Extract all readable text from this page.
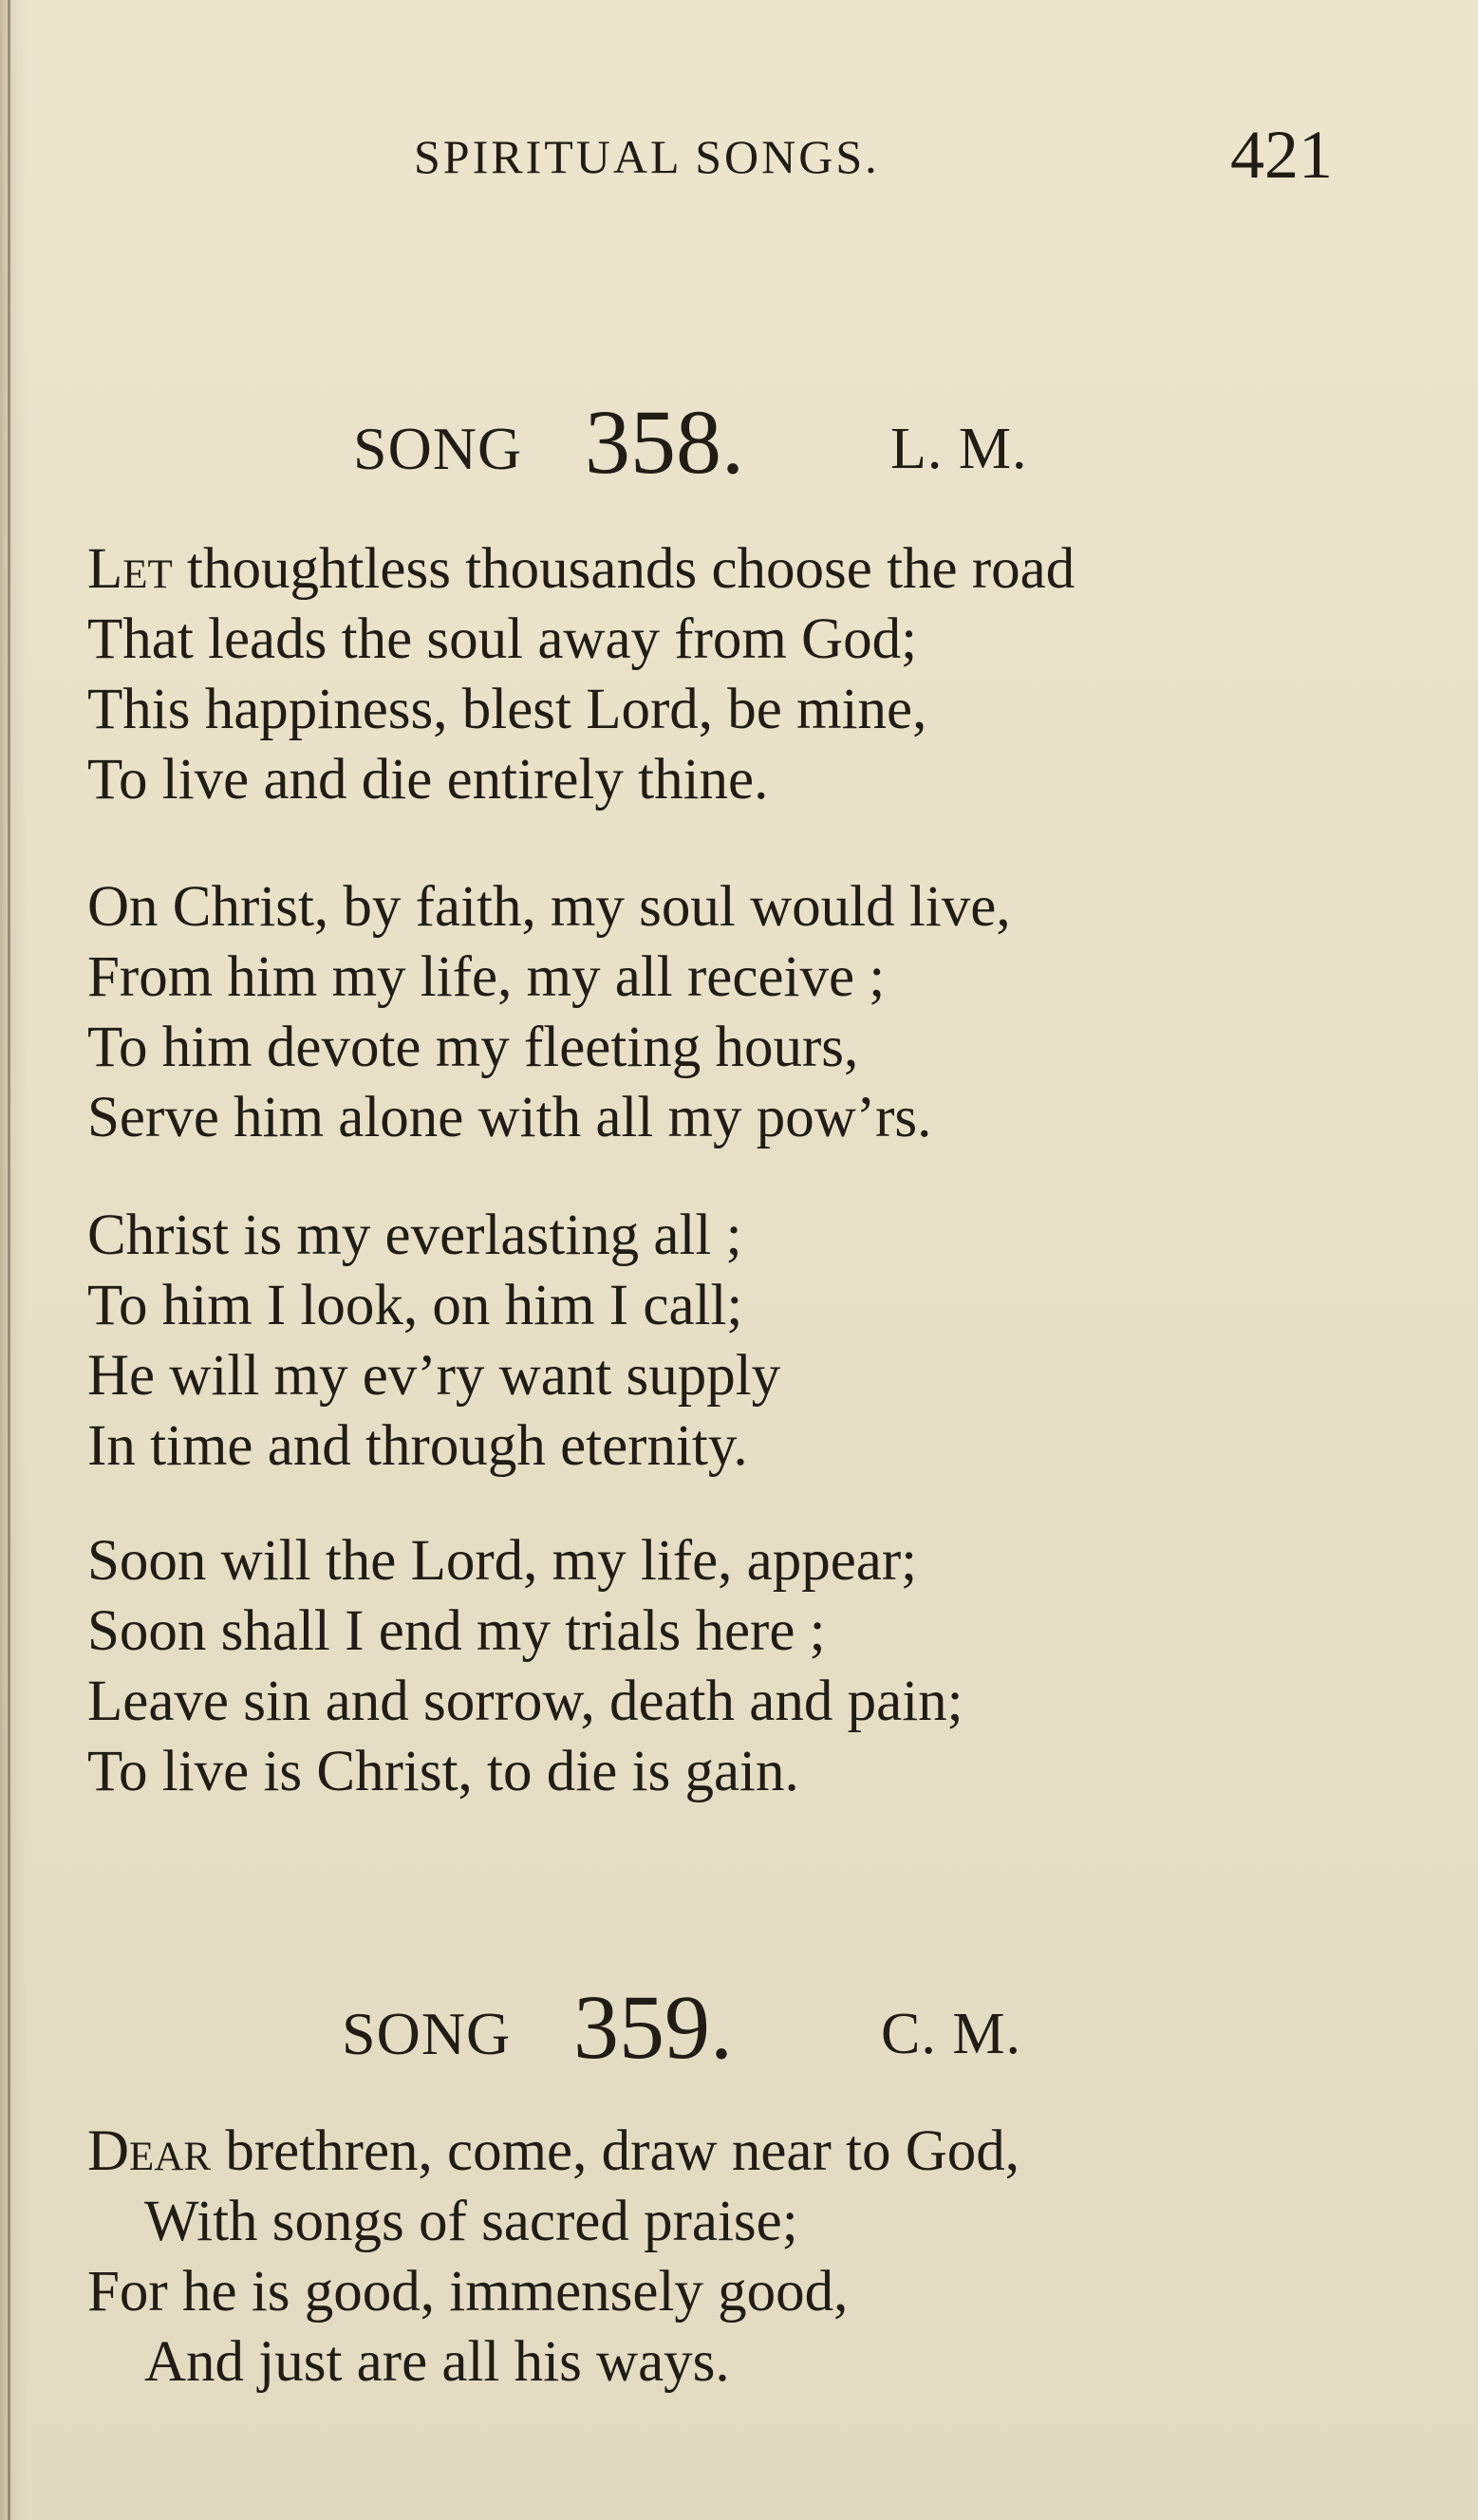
SPIRITUAL SONGS.	421
SONG 358. L. M.
Let thoughtless thousands choose the road
That leads the soul away from God;
This happiness, blest Lord, be mine,
To live and die entirely thine.
On Christ, by faith, my soul would live,
From him my life, my all receive ;
To him devote my fleeting hours,
Serve him alone with all my pow’rs.
Christ is my everlasting all ;
To him I look, on him I call;
He will my ev’ry want supply
In time and through eternity.
Soon will the Lord, my life, appear;
Soon shall I end my trials here ;
Leave sin and sorrow, death and pain;
To live is Christ, to die is gain.
SONG 359.	C. M.
Dear brethren, come, draw near to God,
With songs of sacred praise;
For he is good, immensely good,
And just are all his ways.
